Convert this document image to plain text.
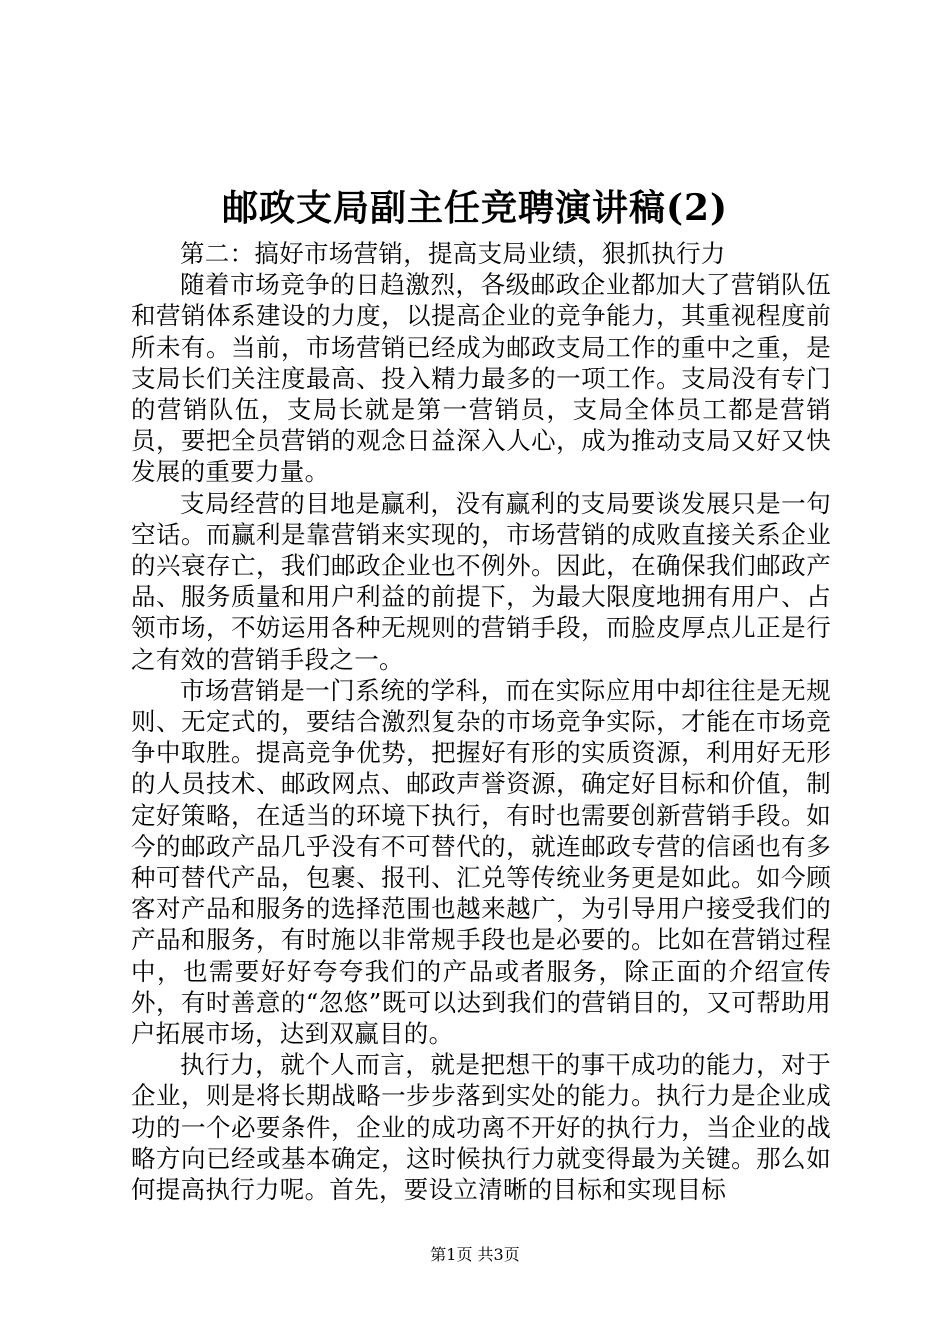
邮政支局副主任竞聘演讲稿(2)

第二：搞好市场营销，提高支局业绩，狠抓执行力

随着市场竞争的日趋激烈，各级邮政企业都加大了营销队伍和营销体系建设的力度，以提高企业的竞争能力，其重视程度前所未有。当前，市场营销已经成为邮政支局工作的重中之重，是支局长们关注度最高、投入精力最多的一项工作。支局没有专门的营销队伍，支局长就是第一营销员，支局全体员工都是营销员，要把全员营销的观念日益深入人心，成为推动支局又好又快发展的重要力量。

支局经营的目地是赢利，没有赢利的支局要谈发展只是一句空话。而赢利是靠营销来实现的，市场营销的成败直接关系企业的兴衰存亡，我们邮政企业也不例外。因此，在确保我们邮政产品、服务质量和用户利益的前提下，为最大限度地拥有用户、占领市场，不妨运用各种无规则的营销手段，而脸皮厚点儿正是行之有效的营销手段之一。

市场营销是一门系统的学科，而在实际应用中却往往是无规则、无定式的，要结合激烈复杂的市场竞争实际，才能在市场竞争中取胜。提高竞争优势，把握好有形的实质资源，利用好无形的人员技术、邮政网点、邮政声誉资源，确定好目标和价值，制定好策略，在适当的环境下执行，有时也需要创新营销手段。如今的邮政产品几乎没有不可替代的，就连邮政专营的信函也有多种可替代产品，包裹、报刊、汇兑等传统业务更是如此。如今顾客对产品和服务的选择范围也越来越广，为引导用户接受我们的产品和服务，有时施以非常规手段也是必要的。比如在营销过程中，也需要好好夸夸我们的产品或者服务，除正面的介绍宣传外，有时善意的“忽悠”既可以达到我们的营销目的，又可帮助用户拓展市场，达到双赢目的。

执行力，就个人而言，就是把想干的事干成功的能力，对于企业，则是将长期战略一步步落到实处的能力。执行力是企业成功的一个必要条件，企业的成功离不开好的执行力，当企业的战略方向已经或基本确定，这时候执行力就变得最为关键。那么如何提高执行力呢。首先，要设立清晰的目标和实现目标

第1页 共3页
